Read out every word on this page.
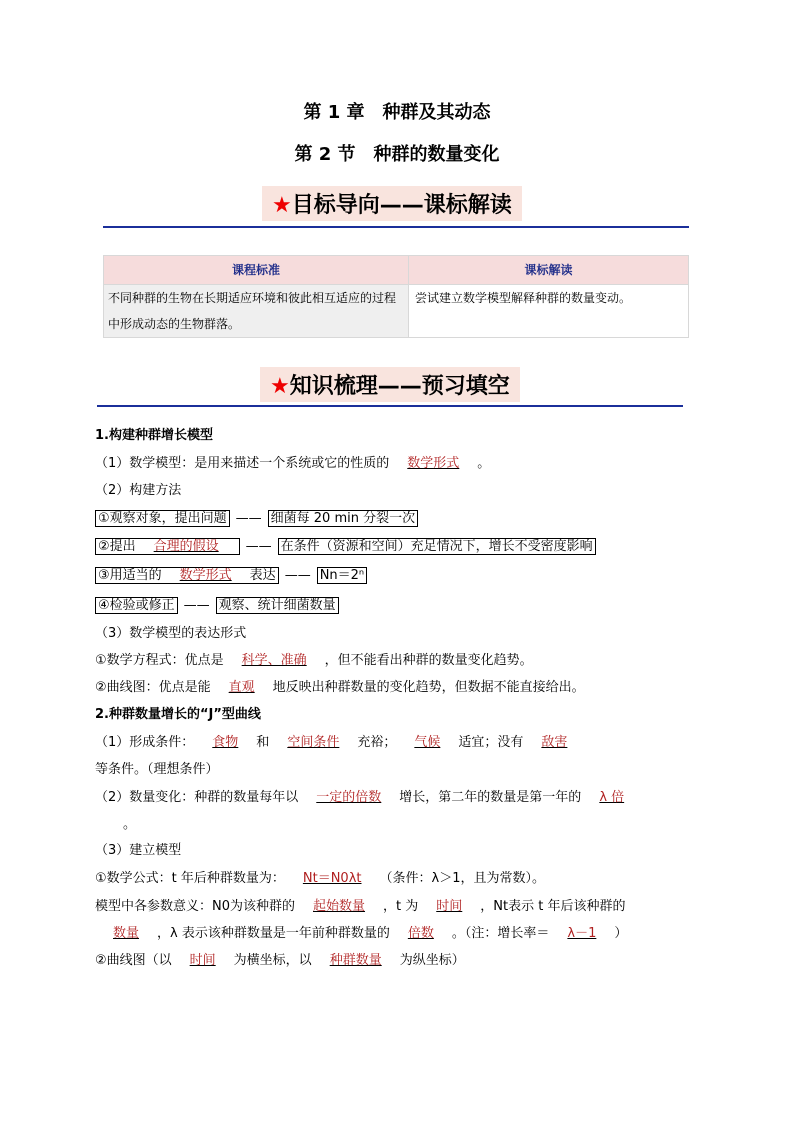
第 1 章　种群及其动态
第 2 节　种群的数量变化
★目标导向——课标解读
课程标准	课标解读
不同种群的生物在长期适应环境和彼此相互适应的过程中形成动态的生物群落。	尝试建立数学模型解释种群的数量变动。
★知识梳理——预习填空
1.构建种群增长模型
（1）数学模型：是用来描述一个系统或它的性质的 数学形式 。
（2）构建方法
①观察对象，提出问题 —— 细菌每 20 min 分裂一次
②提出 合理的假设 —— 在条件（资源和空间）充足情况下，增长不受密度影响
③用适当的 数学形式 表达 —— Nn＝2ⁿ
④检验或修正 —— 观察、统计细菌数量
（3）数学模型的表达形式
①数学方程式：优点是 科学、准确 ，但不能看出种群的数量变化趋势。
②曲线图：优点是能 直观 地反映出种群数量的变化趋势，但数据不能直接给出。
2.种群数量增长的“J”型曲线
（1）形成条件： 食物 和 空间条件 充裕； 气候 适宜；没有 敌害
等条件。（理想条件）
（2）数量变化：种群的数量每年以 一定的倍数 增长，第二年的数量是第一年的 λ 倍
。
（3）建立模型
①数学公式：t 年后种群数量为： Nt＝N0λt （条件：λ＞1，且为常数）。
模型中各参数意义：N0为该种群的 起始数量 ，t 为 时间 ，Nt表示 t 年后该种群的
数量 ，λ 表示该种群数量是一年前种群数量的 倍数 。（注：增长率＝ λ－1 ）
②曲线图（以 时间 为横坐标，以 种群数量 为纵坐标）
